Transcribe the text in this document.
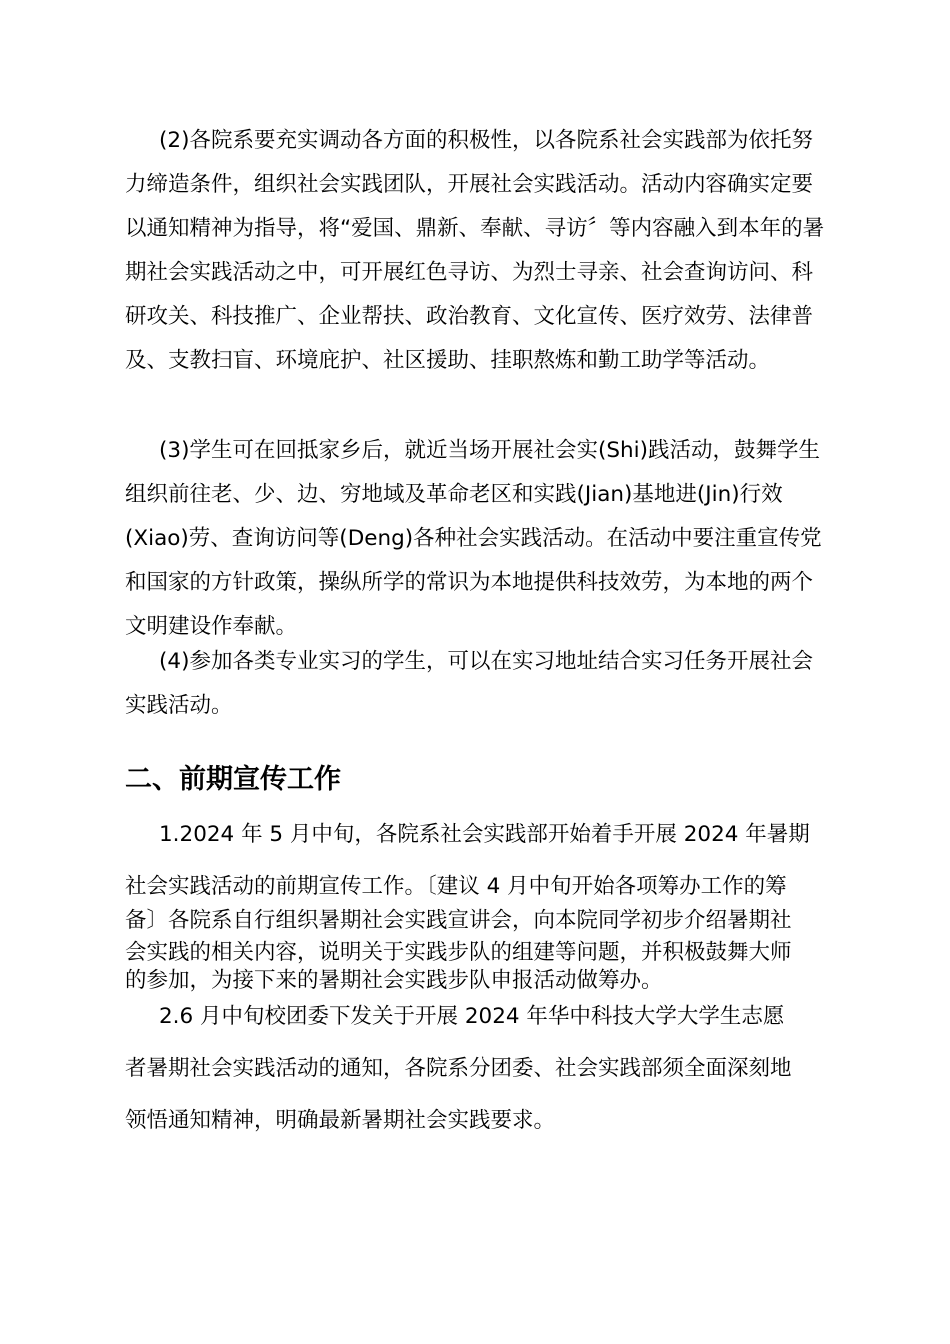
(2)各院系要充实调动各方面的积极性，以各院系社会实践部为依托努力缔造条件，组织社会实践团队，开展社会实践活动。活动内容确实定要以通知精神为指导，将“爱国、鼎新、奉献、寻访〞等内容融入到本年的暑期社会实践活动之中，可开展红色寻访、为烈士寻亲、社会查询访问、科研攻关、科技推广、企业帮扶、政治教育、文化宣传、医疗效劳、法律普及、支教扫盲、环境庇护、社区援助、挂职熬炼和勤工助学等活动。

(3)学生可在回抵家乡后，就近当场开展社会实(Shi)践活动，鼓舞学生组织前往老、少、边、穷地域及革命老区和实践(Jian)基地进(Jin)行效(Xiao)劳、查询访问等(Deng)各种社会实践活动。在活动中要注重宣传党和国家的方针政策，操纵所学的常识为本地提供科技效劳，为本地的两个文明建设作奉献。

(4)参加各类专业实习的学生，可以在实习地址结合实习任务开展社会实践活动。

二、前期宣传工作

1.2024 年 5 月中旬，各院系社会实践部开始着手开展 2024 年暑期

社会实践活动的前期宣传工作。〔建议 4 月中旬开始各项筹办工作的筹

备〕各院系自行组织暑期社会实践宣讲会，向本院同学初步介绍暑期社

会实践的相关内容，说明关于实践步队的组建等问题，并积极鼓舞大师

的参加，为接下来的暑期社会实践步队申报活动做筹办。

2.6 月中旬校团委下发关于开展 2024 年华中科技大学大学生志愿

者暑期社会实践活动的通知，各院系分团委、社会实践部须全面深刻地

领悟通知精神，明确最新暑期社会实践要求。
